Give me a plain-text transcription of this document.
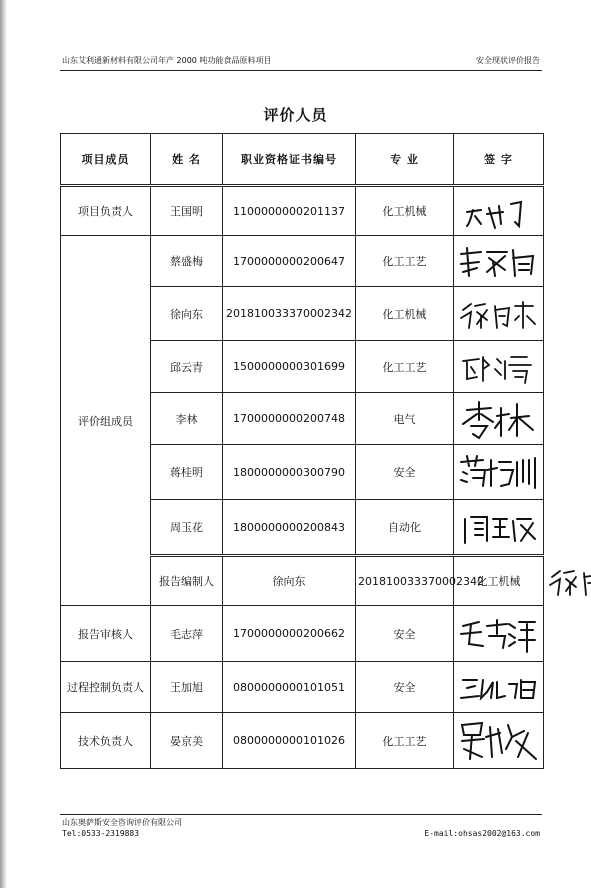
山东艾利通新材料有限公司年产 2000 吨功能食品原料项目	安全现状评价报告
评价人员
项目成员	姓 名	职业资格证书编号	专 业	签 字	
项目负责人	王国明	1100000000201137	化工机械	

评价组成员	蔡盛梅	1700000000200647	化工工艺	

	徐向东	201810033370002342	化工机械	

	邱云青	1500000000301699	化工工艺	

	李林	1700000000200748	电气	

	蒋桂明	1800000000300790	安全	

	周玉花	1800000000200843	自动化	

	报告编制人	徐向东	201810033370002342	化工机械	

报告审核人	毛志萍	1700000000200662	安全	

过程控制负责人	王加旭	0800000000101051	安全	

技术负责人	晏京美	0800000000101026	化工工艺	
山东奥萨斯安全咨询评价有限公司
Tel:0533-2319883	E-mail:ohsas2002@163.com
